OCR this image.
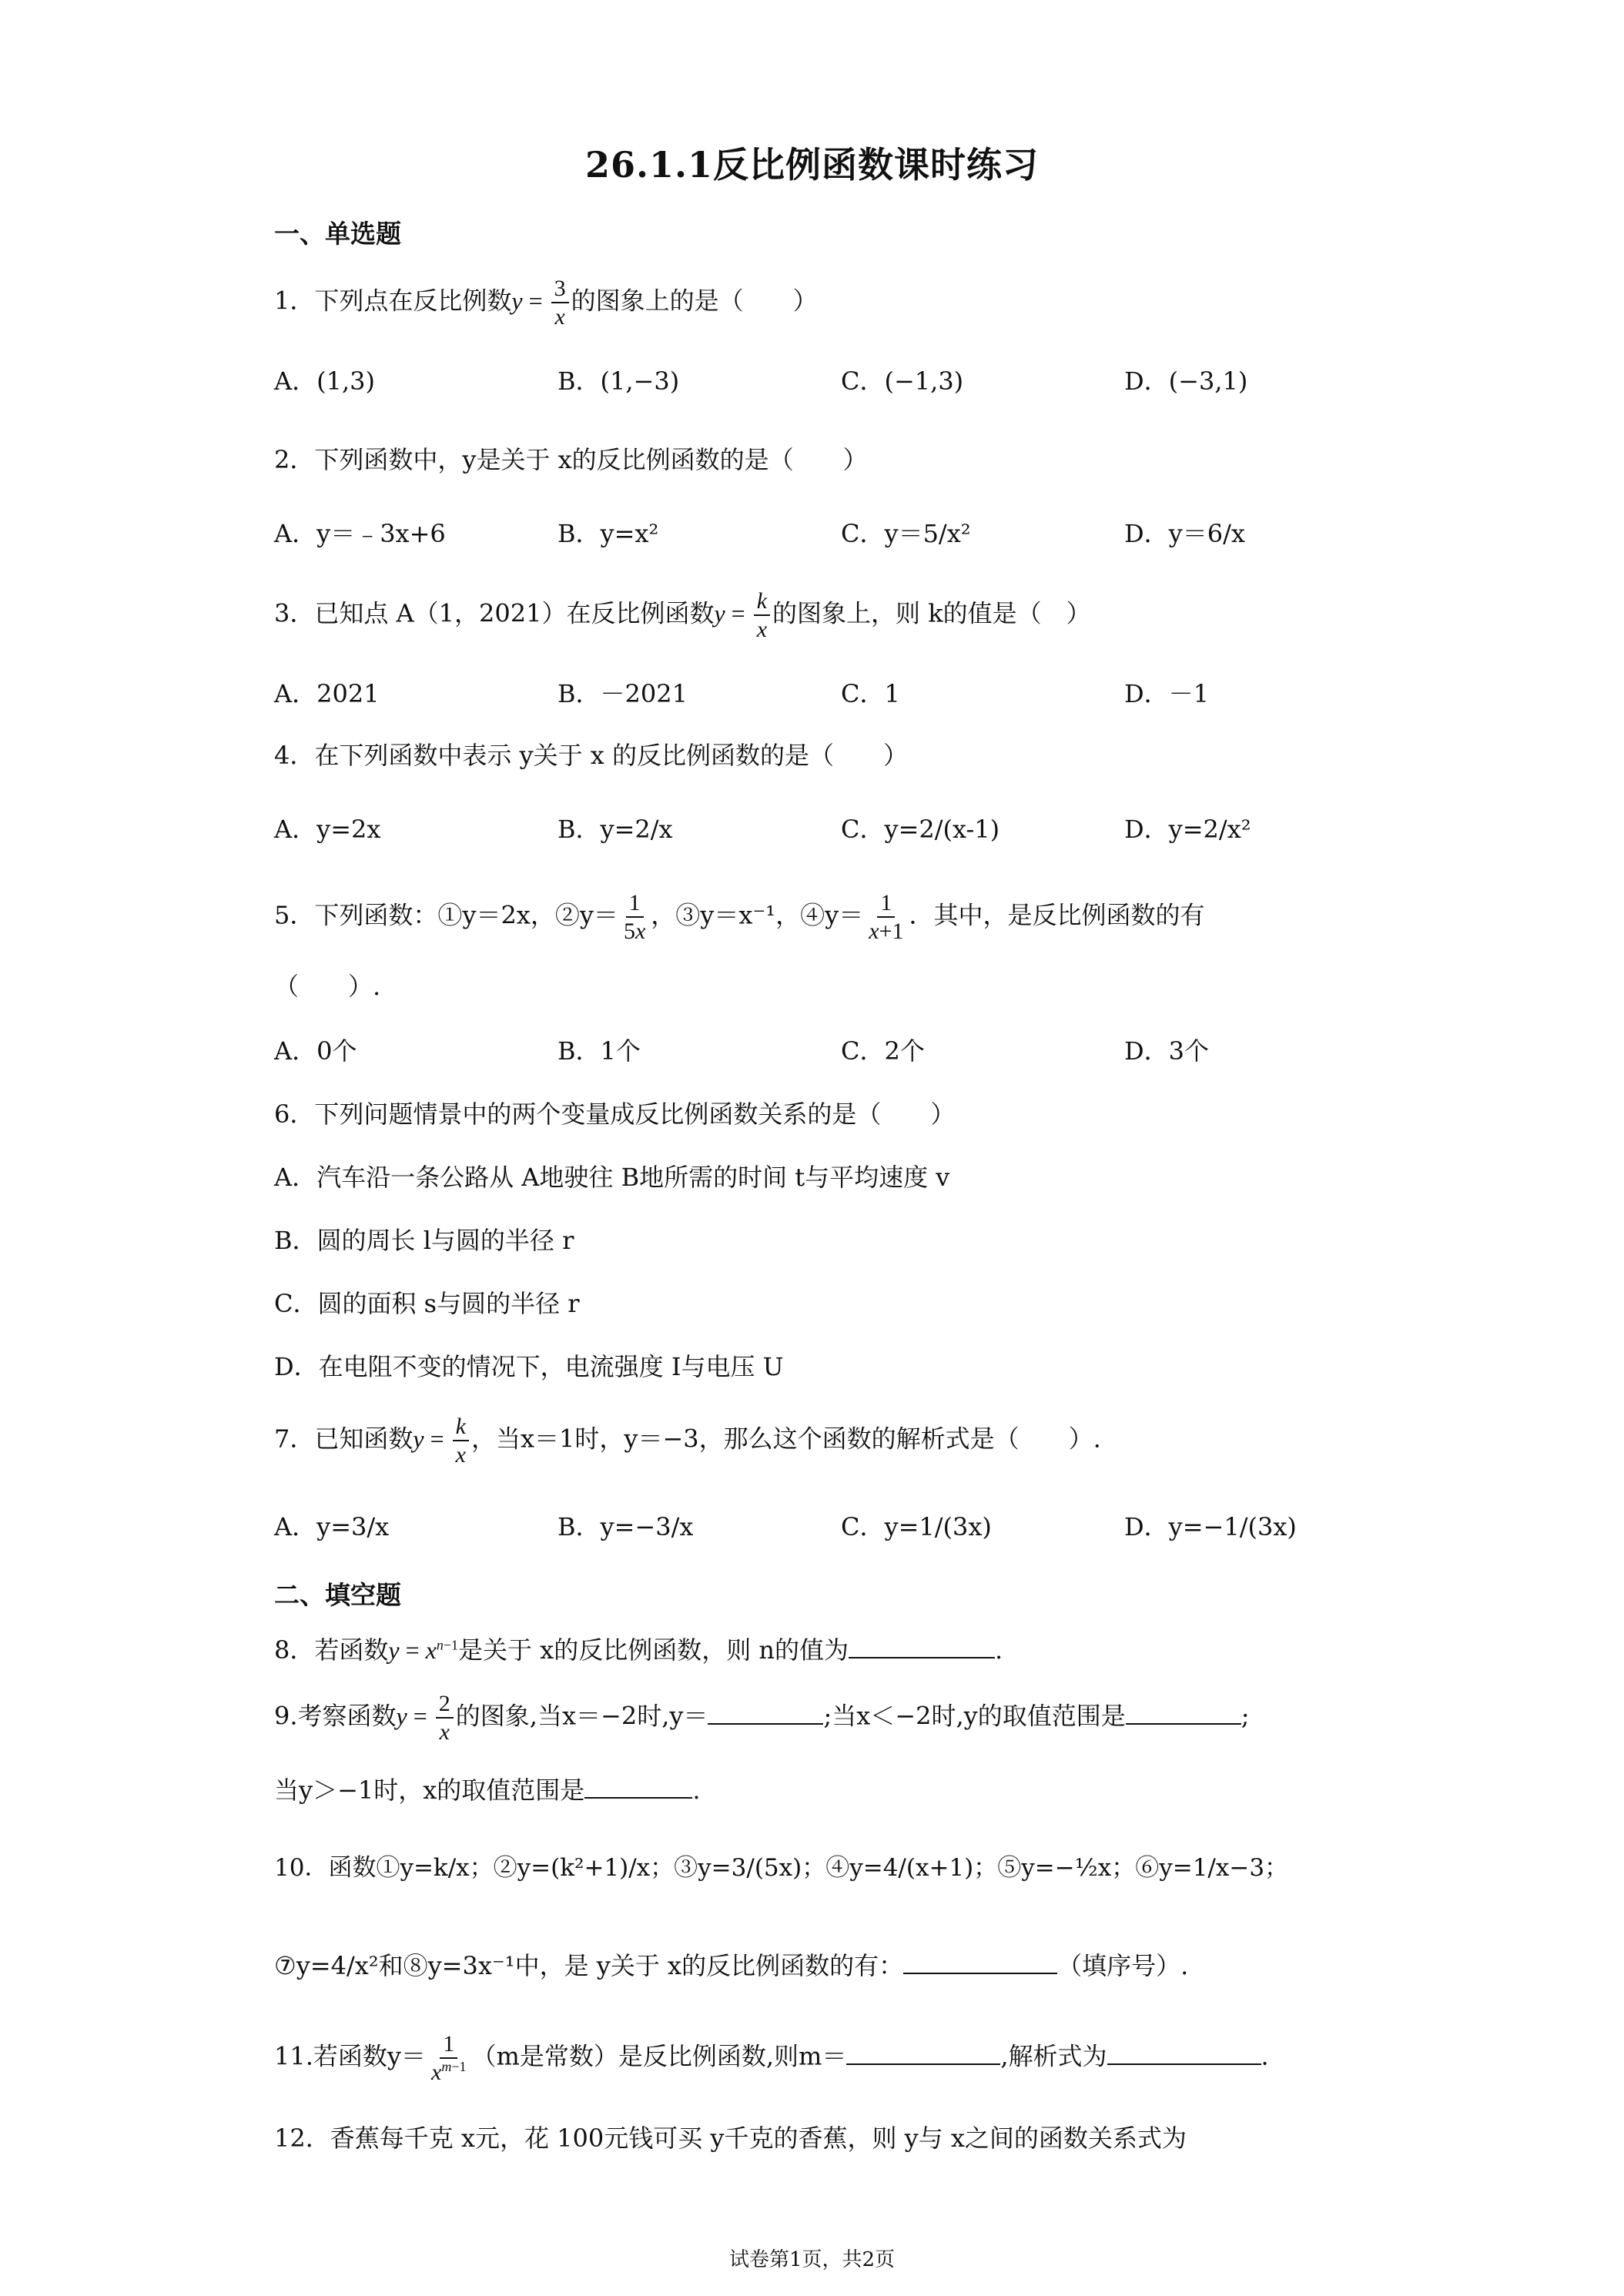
26.1.1反比例函数课时练习
一、单选题
1．下列点在反比例数$y = \frac{3}{x}$ 的图象上的是（　　）
A．(1,3)	B．(1,−3)	C．(−1,3)	D．(−3,1)
2．下列函数中，y是关于 x的反比例函数的是（　　）
A．y＝﹣3x+6	B．y=x²	C．y＝5/x²	D．y＝6/x
3．已知点 A（1，2021）在反比例函数$y = \frac{k}{x}$ 的图象上，则 k的值是（　）
A．2021	B．－2021	C．1	D．－1
4．在下列函数中表示 y关于 x 的反比例函数的是（　　）
A．y=2x	B．y=2/x	C．y=2/(x-1)	D．y=2/x²
5．下列函数：①y＝2x，②y＝ $\frac{1}{5x}$ ，③y＝x⁻¹，④y＝ $\frac{1}{x+1}$ ．其中，是反比例函数的有
（　　）.
A．0个	B．1个	C．2个	D．3个
6．下列问题情景中的两个变量成反比例函数关系的是（　　）
A．汽车沿一条公路从 A地驶往 B地所需的时间 t与平均速度 v
B．圆的周长 l与圆的半径 r
C．圆的面积 s与圆的半径 r
D．在电阻不变的情况下，电流强度 I与电压 U
7．已知函数$y = \frac{k}{x}$ ，当x＝1时，y＝−3，那么这个函数的解析式是（　　）.
A．y=3/x	B．y=−3/x	C．y=1/(3x)	D．y=−1/(3x)
二、填空题
8．若函数$y = x^{n-1}$是关于 x的反比例函数，则 n的值为	.
9.考察函数$y = \frac{2}{x}$ 的图象,当x＝−2时,y＝	;当x＜−2时,y的取值范围是	;
当y＞−1时，x的取值范围是	.
10．函数①y=k/x；②y=(k²+1)/x；③y=3/(5x)；④y=4/(x+1)；⑤y=−½x；⑥y=1/x−3；
⑦y=4/x²和⑧y=3x⁻¹中，是 y关于 x的反比例函数的有：	（填序号）.
11.若函数$y= \frac{1}{x^{m-1}} (m$是常数）是反比例函数,则m＝	,解析式为	.
12．香蕉每千克 x元，花 100元钱可买 y千克的香蕉，则 y与 x之间的函数关系式为
试卷第1页，共2页
